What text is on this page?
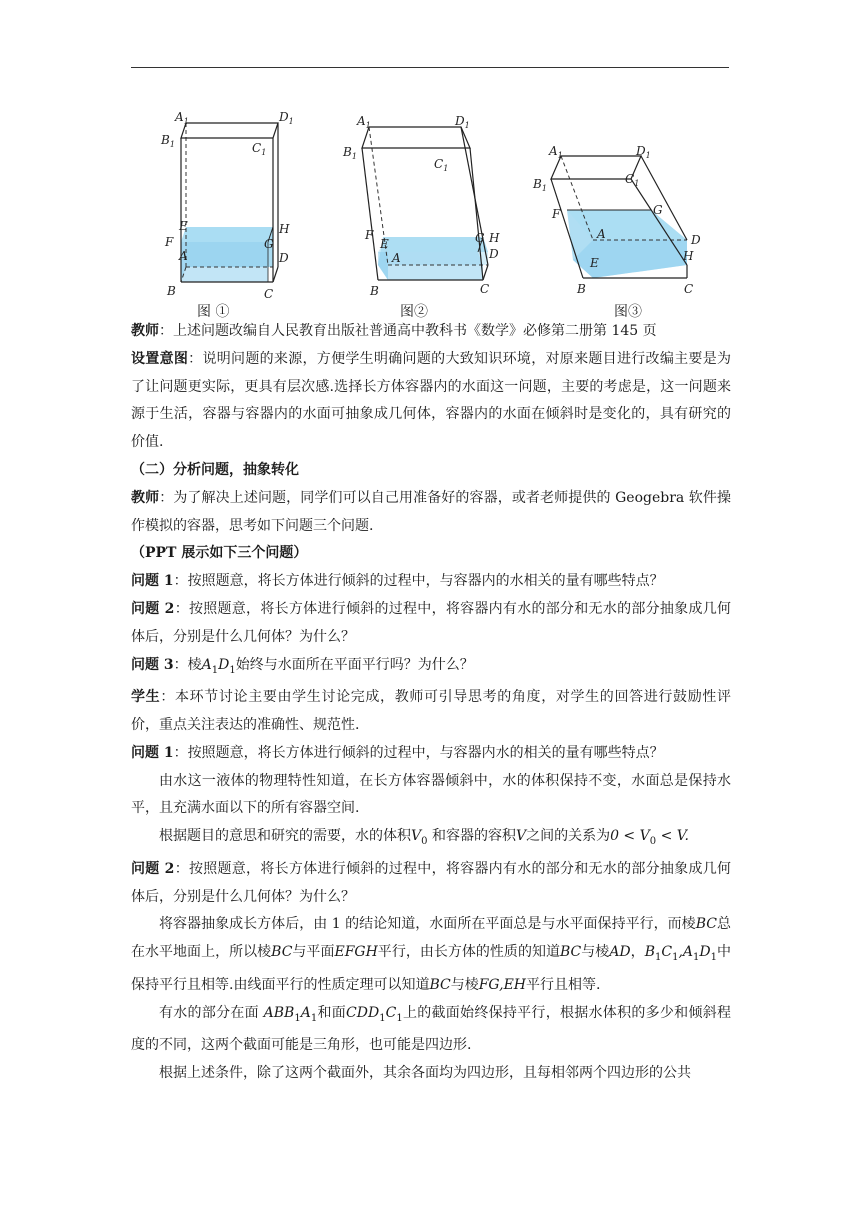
$A_1$	$D_1$
$B_1$	$C_1$
E
F
A
B
G
H
D
C
$A_1$	$D_1$
$B_1$
$C_1$
F
E
A
B
G H
D
C
$A_1$	$D_1$
$B_1$
$C_1$
F	G
A
E
D
H
B	C
图 ①	图②	图③

教师：上述问题改编自人民教育出版社普通高中教科书《数学》必修第二册第 145 页

设置意图：说明问题的来源，方便学生明确问题的大致知识环境，对原来题目进行改编主要是为了让问题更实际，更具有层次感.选择长方体容器内的水面这一问题，主要的考虑是，这一问题来源于生活，容器与容器内的水面可抽象成几何体，容器内的水面在倾斜时是变化的，具有研究的价值.

（二）分析问题，抽象转化

教师：为了解决上述问题，同学们可以自己用准备好的容器，或者老师提供的 Geogebra 软件操作模拟的容器，思考如下问题三个问题.

（PPT 展示如下三个问题）

问题 1：按照题意，将长方体进行倾斜的过程中，与容器内的水相关的量有哪些特点？

问题 2：按照题意，将长方体进行倾斜的过程中，将容器内有水的部分和无水的部分抽象成几何体后，分别是什么几何体？为什么？

问题 3：棱$A_1D_1$始终与水面所在平面平行吗？为什么？

学生：本环节讨论主要由学生讨论完成，教师可引导思考的角度，对学生的回答进行鼓励性评价，重点关注表达的准确性、规范性.

问题 1：按照题意，将长方体进行倾斜的过程中，与容器内水的相关的量有哪些特点？

由水这一液体的物理特性知道，在长方体容器倾斜中，水的体积保持不变，水面总是保持水平，且充满水面以下的所有容器空间.

根据题目的意思和研究的需要，水的体积$V_0$ 和容器的容积V之间的关系为$0 < V_0 < V$.

问题 2：按照题意，将长方体进行倾斜的过程中，将容器内有水的部分和无水的部分抽象成几何体后，分别是什么几何体？为什么？

将容器抽象成长方体后，由 1 的结论知道，水面所在平面总是与水平面保持平行，而棱BC总在水平地面上，所以棱BC与平面EFGH平行，由长方体的性质的知道BC与棱AD，$B_1C_1,A_1D_1$中保持平行且相等.由线面平行的性质定理可以知道BC与棱FG,EH平行且相等.

有水的部分在面 $ABB_1A_1$和面$CDD_1C_1$上的截面始终保持平行，根据水体积的多少和倾斜程度的不同，这两个截面可能是三角形，也可能是四边形.

根据上述条件，除了这两个截面外，其余各面均为四边形，且每相邻两个四边形的公共
